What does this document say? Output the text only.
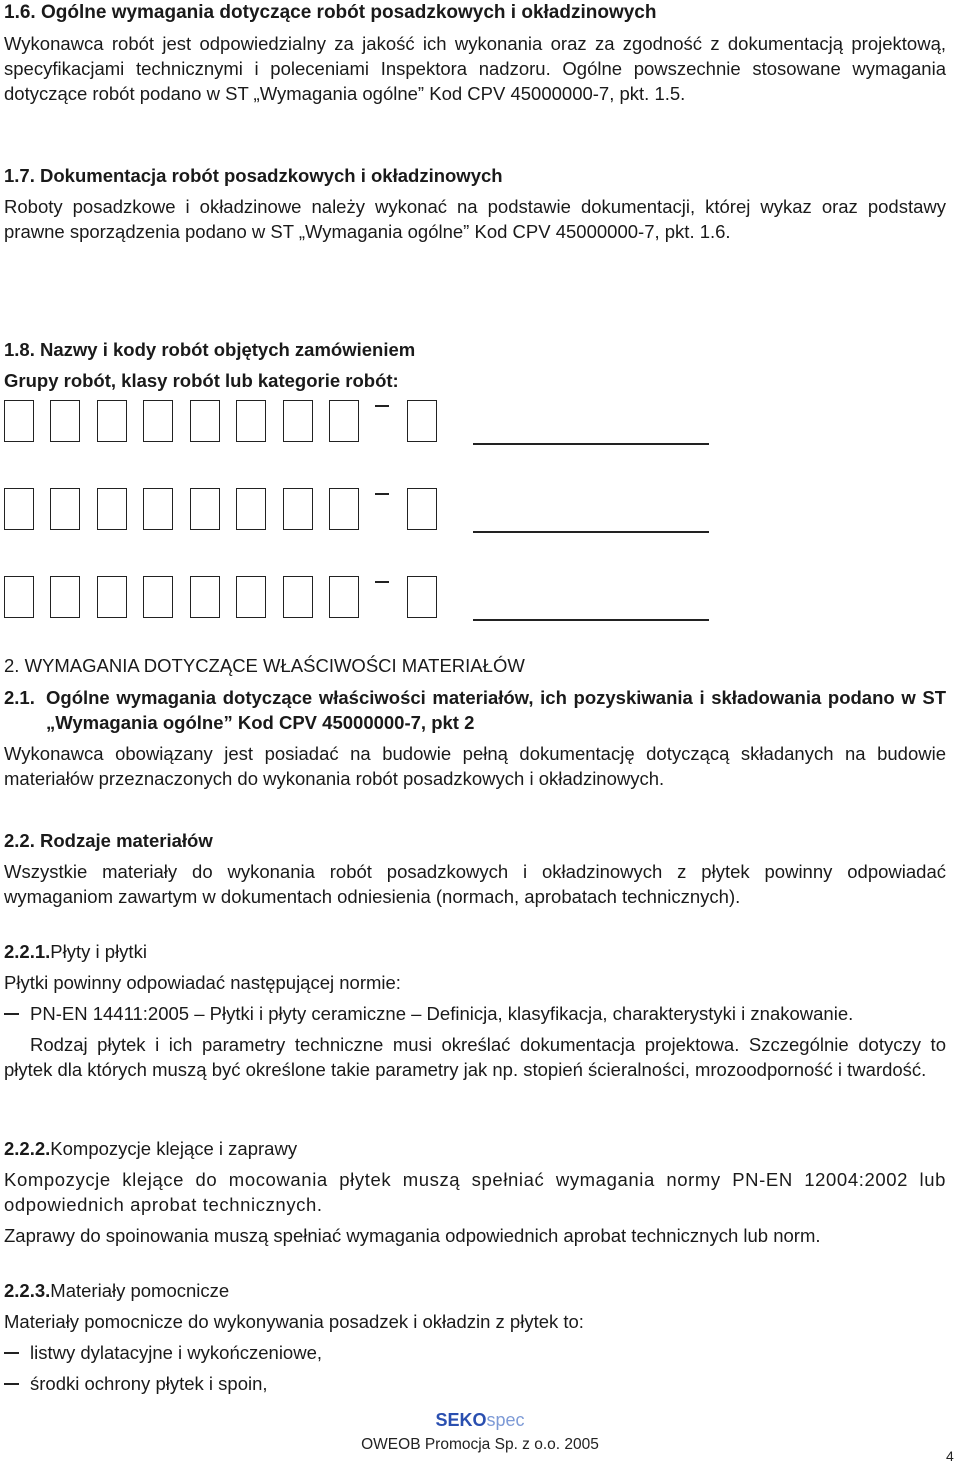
1.6. Ogólne wymagania dotyczące robót posadzkowych i okładzinowych

Wykonawca robót jest odpowiedzialny za jakość ich wykonania oraz za zgodność z dokumentacją projektową, specyfikacjami technicznymi i poleceniami Inspektora nadzoru. Ogólne powszechnie stosowane wymagania dotyczące robót podano w ST „Wymagania ogólne” Kod CPV 45000000-7, pkt. 1.5.

1.7. Dokumentacja robót posadzkowych i okładzinowych

Roboty posadzkowe i okładzinowe należy wykonać na podstawie dokumentacji, której wykaz oraz podstawy prawne sporządzenia podano w ST „Wymagania ogólne” Kod CPV 45000000-7, pkt. 1.6.

1.8. Nazwy i kody robót objętych zamówieniem

Grupy robót, klasy robót lub kategorie robót:

2. WYMAGANIA DOTYCZĄCE WŁAŚCIWOŚCI MATERIAŁÓW

2.1. Ogólne wymagania dotyczące właściwości materiałów, ich pozyskiwania i składowania podano w ST „Wymagania ogólne” Kod CPV 45000000-7, pkt 2

Wykonawca obowiązany jest posiadać na budowie pełną dokumentację dotyczącą składanych na budowie materiałów przeznaczonych do wykonania robót posadzkowych i okładzinowych.

2.2. Rodzaje materiałów

Wszystkie materiały do wykonania robót posadzkowych i okładzinowych z płytek powinny odpowiadać wymaganiom zawartym w dokumentach odniesienia (normach, aprobatach technicznych).

2.2.1.Płyty i płytki

Płytki powinny odpowiadać następującej normie:

PN-EN 14411:2005 – Płytki i płyty ceramiczne – Definicja, klasyfikacja, charakterystyki i znakowanie.

Rodzaj płytek i ich parametry techniczne musi określać dokumentacja projektowa. Szczególnie dotyczy to płytek dla których muszą być określone takie parametry jak np. stopień ścieralności, mrozoodporność i twardość.

2.2.2.Kompozycje klejące i zaprawy

Kompozycje klejące do mocowania płytek muszą spełniać wymagania normy PN-EN 12004:2002 lub odpowiednich aprobat technicznych.

Zaprawy do spoinowania muszą spełniać wymagania odpowiednich aprobat technicznych lub norm.

2.2.3.Materiały pomocnicze

Materiały pomocnicze do wykonywania posadzek i okładzin z płytek to:

listwy dylatacyjne i wykończeniowe,
środki ochrony płytek i spoin,
SEKOspec
OWEOB Promocja Sp. z o.o. 2005
4
